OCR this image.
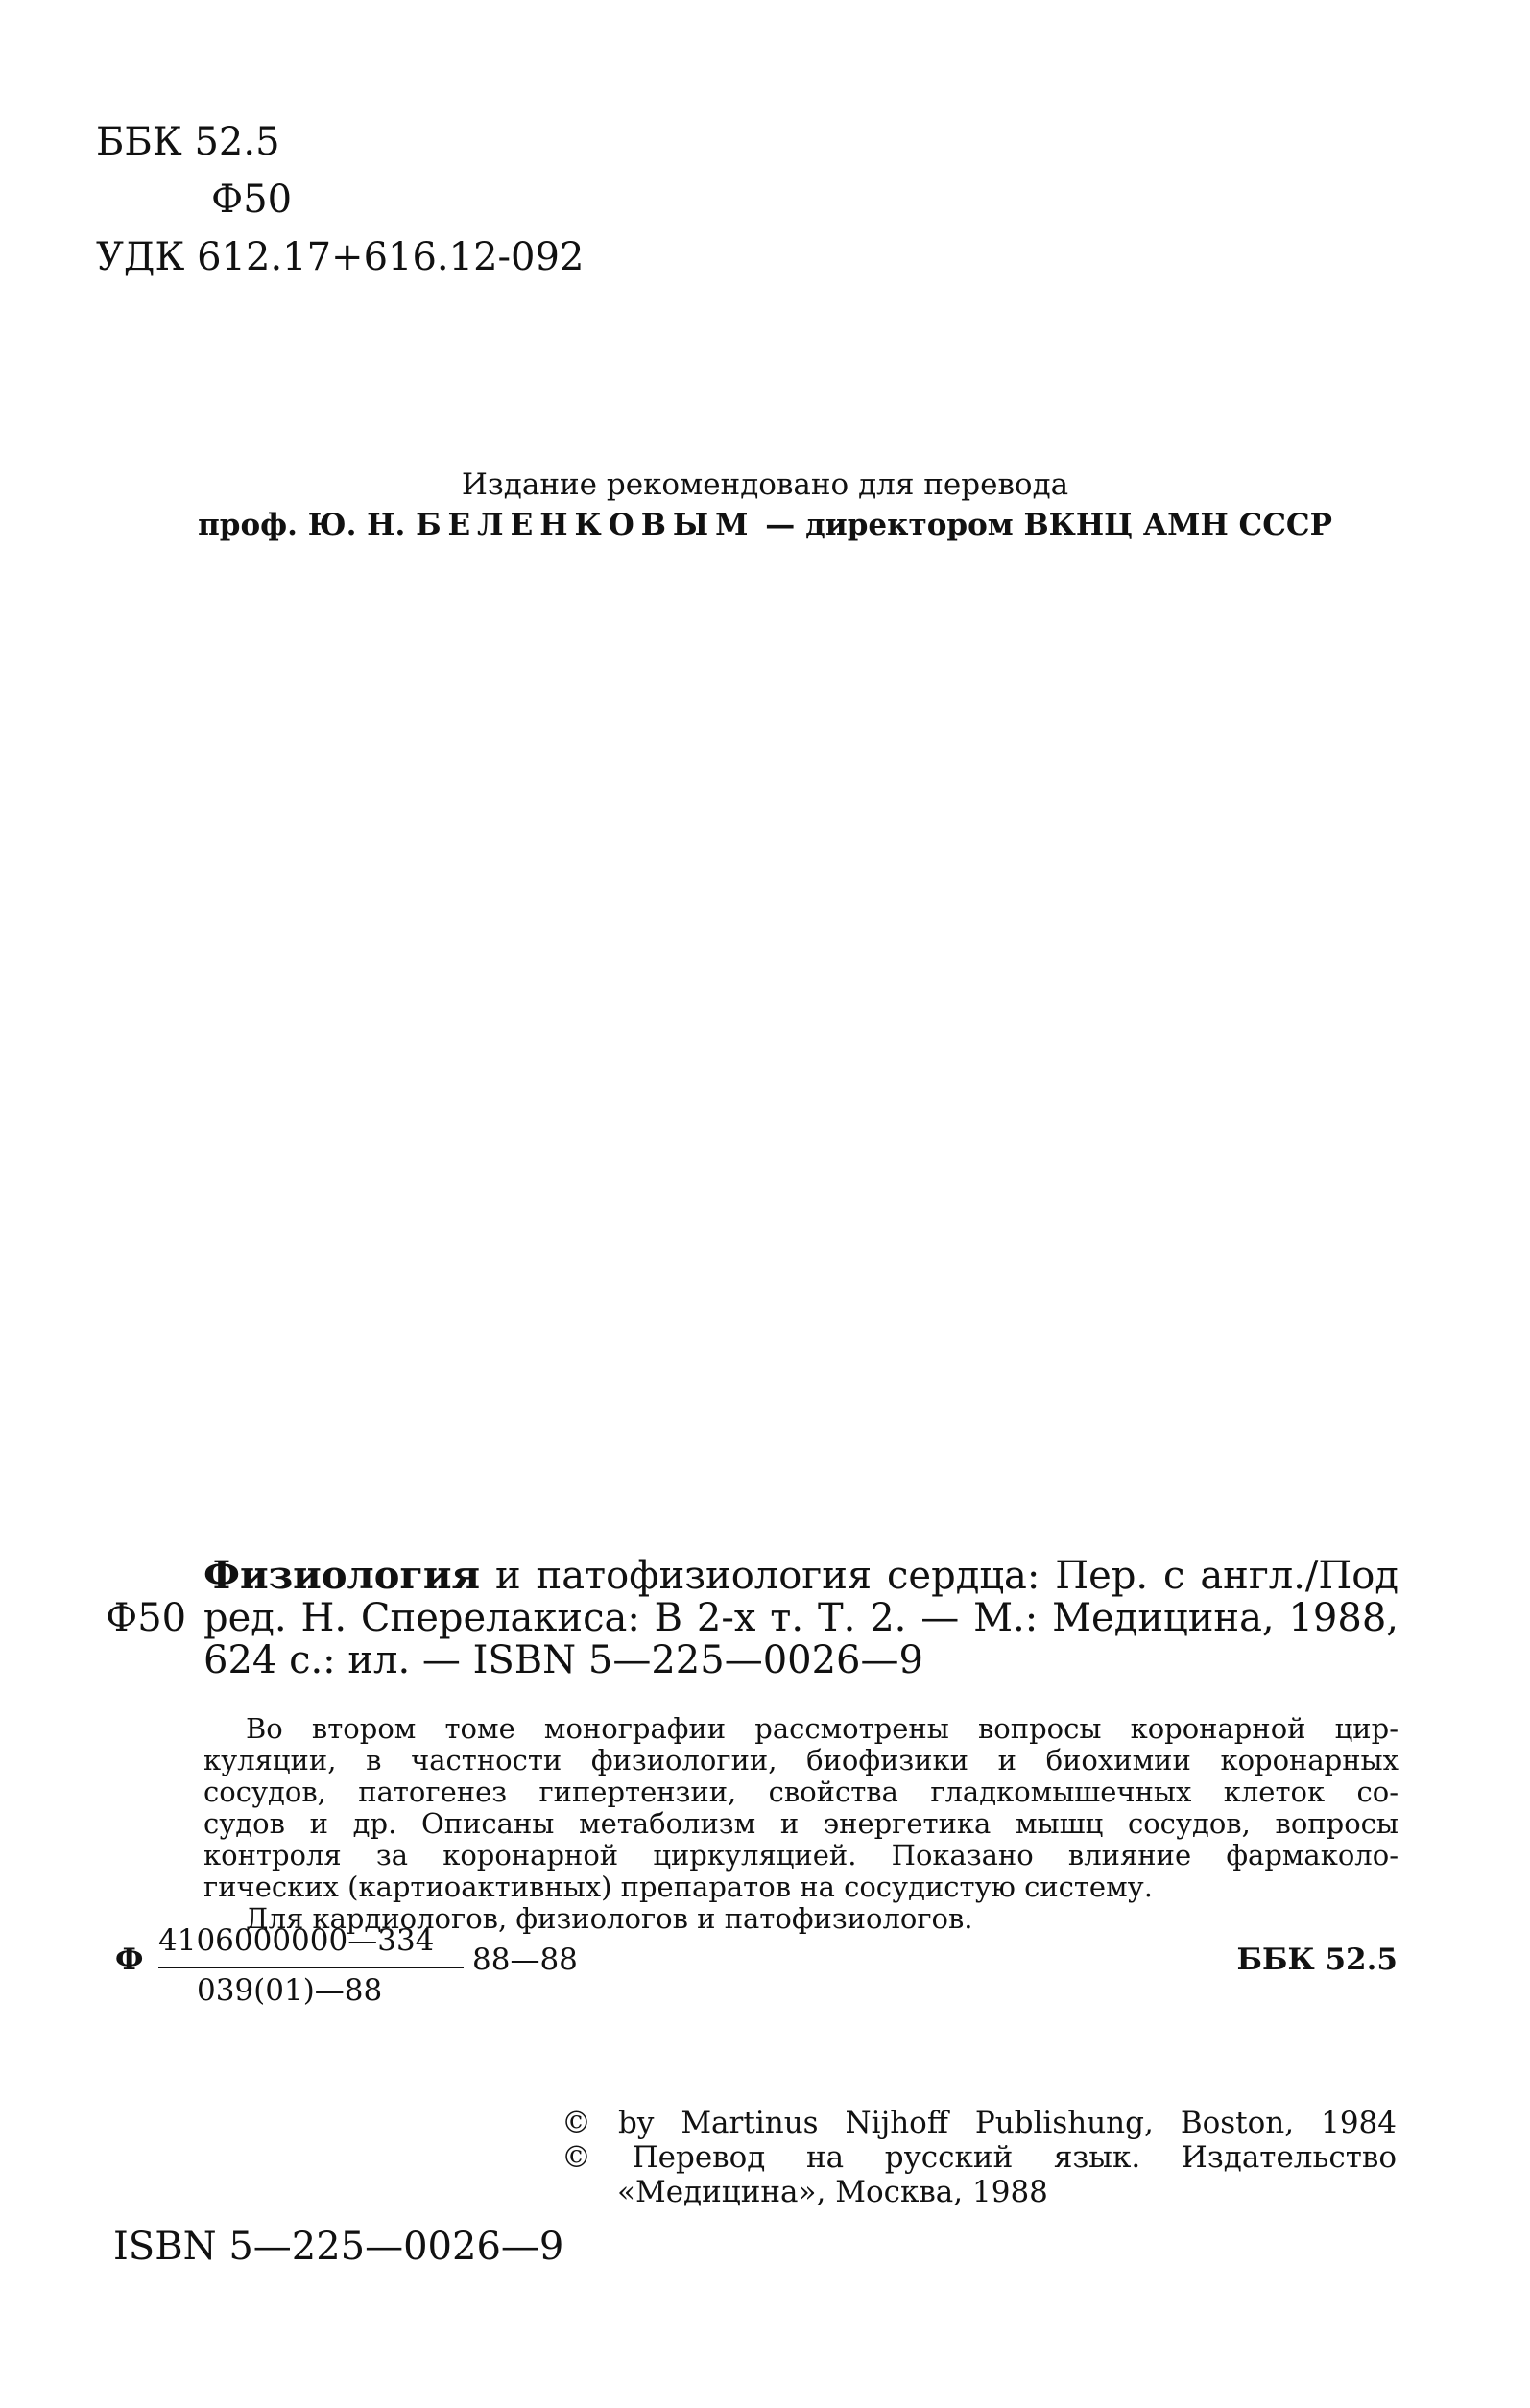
ББК 52.5
Ф50
УДК 612.17+616.12-092
Издание рекомендовано для перевода
проф. Ю. Н. БЕЛЕНКОВЫМ — директором ВКНЦ АМН СССР
Ф50
Физиология и патофизиология сердца: Пер. с англ./Под
ред. Н. Сперелакиса: В 2-х т. Т. 2. — М.: Медицина, 1988,
624 с.: ил. — ISBN 5—225—0026—9
Во втором томе монографии рассмотрены вопросы коронарной цир-
куляции, в частности физиологии, биофизики и биохимии коронарных
сосудов, патогенез гипертензии, свойства гладкомышечных клеток со-
судов и др. Описаны метаболизм и энергетика мышц сосудов, вопросы
контроля за коронарной циркуляцией. Показано влияние фармаколо-
гических (картиоактивных) препаратов на сосудистую систему.
Для кардиологов, физиологов и патофизиологов.
Ф
4106000000—334
039(01)—88
88—88	ББК 52.5
© by Martinus Nijhoff Publishung, Boston, 1984
© Перевод на русский язык. Издательство
«Медицина», Москва, 1988
ISBN 5—225—0026—9
